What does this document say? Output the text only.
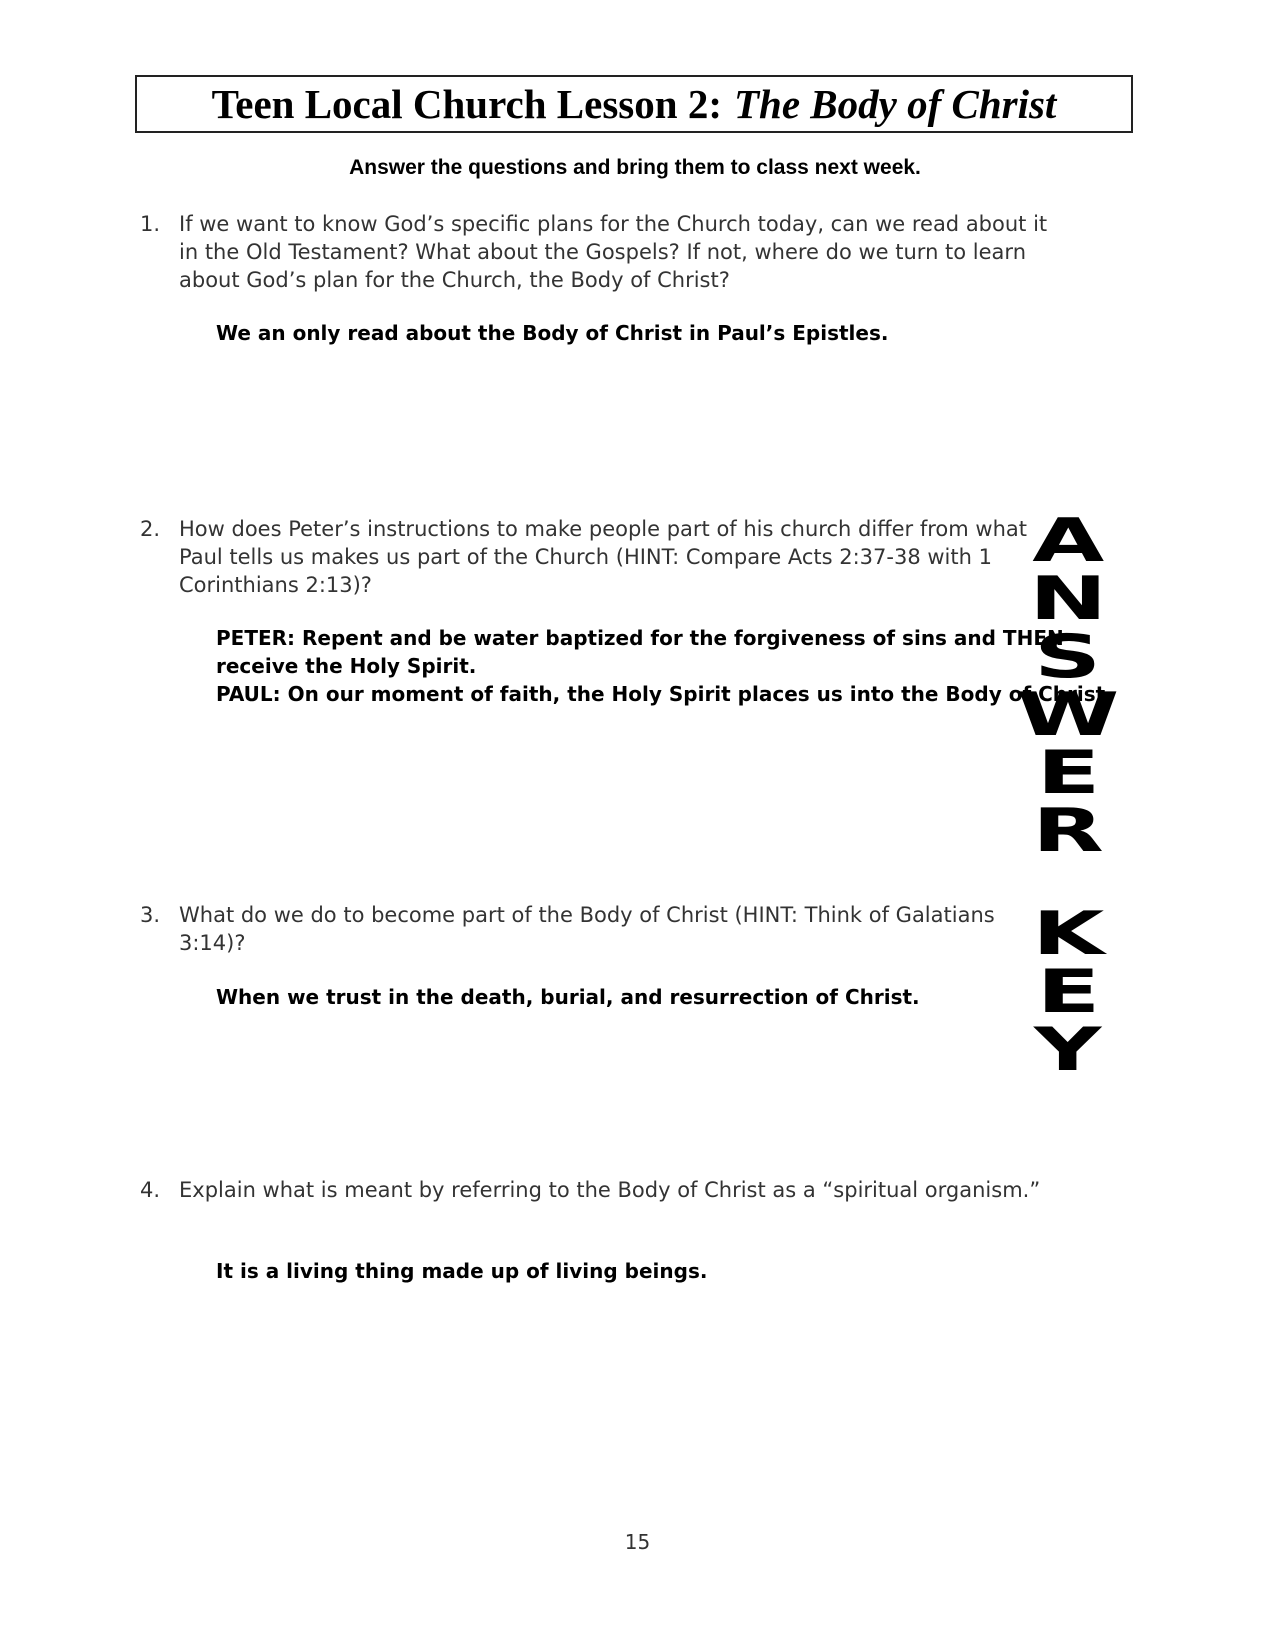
Teen Local Church Lesson 2: The Body of Christ
Answer the questions and bring them to class next week.
1. If we want to know God’s specific plans for the Church today, can we read about it
in the Old Testament? What about the Gospels? If not, where do we turn to learn
about God’s plan for the Church, the Body of Christ?
We an only read about the Body of Christ in Paul’s Epistles.
2. How does Peter’s instructions to make people part of his church differ from what
Paul tells us makes us part of the Church (HINT: Compare Acts 2:37-38 with 1
Corinthians 2:13)?
PETER: Repent and be water baptized for the forgiveness of sins and THEN
receive the Holy Spirit.
PAUL: On our moment of faith, the Holy Spirit places us into the Body of Christ
3. What do we do to become part of the Body of Christ (HINT: Think of Galatians
3:14)?
When we trust in the death, burial, and resurrection of Christ.
4. Explain what is meant by referring to the Body of Christ as a “spiritual organism.”
It is a living thing made up of living beings.
A
N
S
W
E
R
K
E
Y
15
